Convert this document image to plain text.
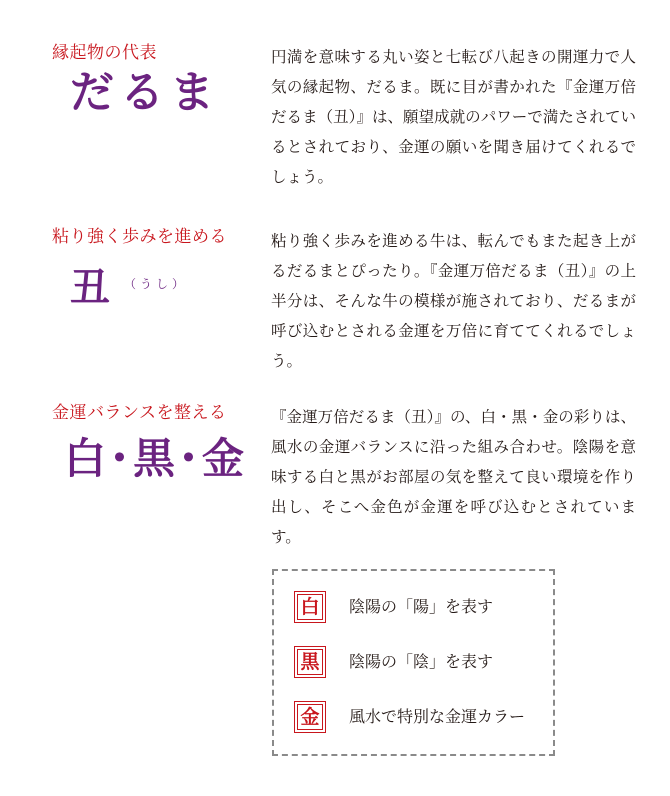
縁起物の代表
だるま
円満を意味する丸い姿と七転び八起きの開運力で人気の縁起物、だるま。既に目が書かれた『金運万倍だるま（丑）』は、願望成就のパワーで満たされているとされており、金運の願いを聞き届けてくれるでしょう。
粘り強く歩みを進める
丑 （うし）
粘り強く歩みを進める牛は、転んでもまた起き上がるだるまとぴったり。『金運万倍だるま（丑）』の上半分は、そんな牛の模様が施されており、だるまが呼び込むとされる金運を万倍に育ててくれるでしょう。
金運バランスを整える
白･黒･金
『金運万倍だるま（丑）』の、白・黒・金の彩りは、風水の金運バランスに沿った組み合わせ。陰陽を意味する白と黒がお部屋の気を整えて良い環境を作り出し、そこへ金色が金運を呼び込むとされています。
白 陰陽の「陽」を表す
黒 陰陽の「陰」を表す
金 風水で特別な金運カラー
